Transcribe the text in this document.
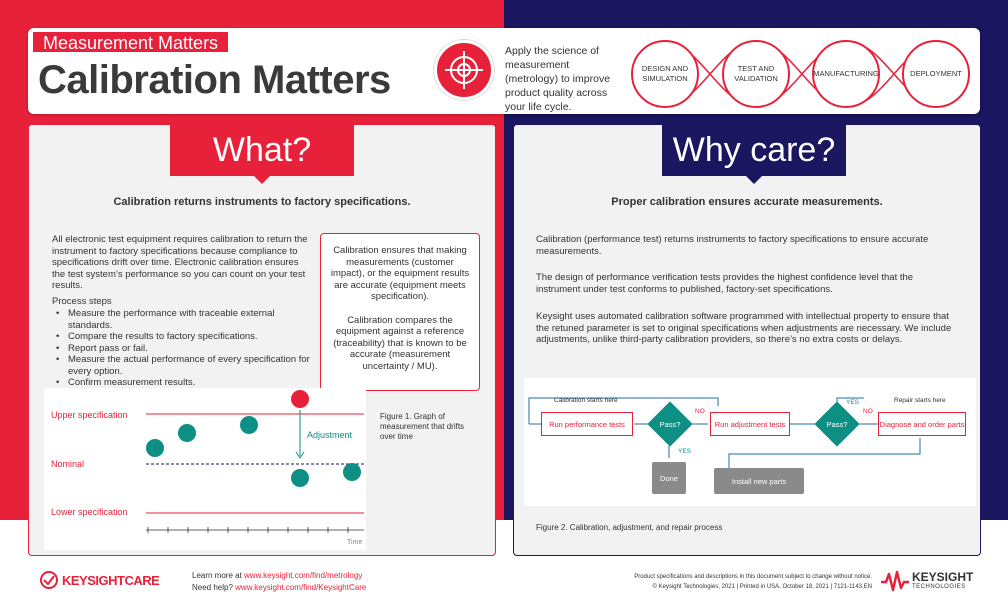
Measurement Matters
Calibration Matters
Apply the science of measurement (metrology) to improve product quality across your life cycle.
DESIGN AND SIMULATION
TEST AND VALIDATION
MANUFACTURING	DEPLOYMENT
What?
Calibration returns instruments to factory specifications.
All electronic test equipment requires calibration to return the instrument to factory specifications because compliance to specifications drift over time. Electronic calibration ensures the test system’s performance so you can count on your test results.
Process steps
• Measure the performance with traceable external standards.
• Compare the results to factory specifications.
• Report pass or fail.
• Measure the actual performance of every specification for every option.
• Confirm measurement results.

Calibration ensures that making measurements (customer impact), or the equipment results are accurate (equipment meets specification).

Calibration compares the equipment against a reference (traceability) that is known to be accurate (measurement uncertainty / MU).

Upper specification
Nominal
Lower specification
Adjustment
Time
Figure 1. Graph of measurement that drifts over time
Why care?
Proper calibration ensures accurate measurements.
Calibration (performance test) returns instruments to factory specifications to ensure accurate measurements.
The design of performance verification tests provides the highest confidence level that the instrument under test conforms to published, factory-set specifications.
Keysight uses automated calibration software programmed with intellectual property to ensure that the retuned parameter is set to original specifications when adjustments are necessary. We include adjustments, unlike third-party calibration providers, so there’s no extra costs or delays.
Calibration starts here	Repair starts here
Run performance tests	Pass?
NO
YES
Run adjustment tests	Pass?
YES
NO
Diagnose and order parts
Done	Install new parts
Figure 2. Calibration, adjustment, and repair process
KEYSIGHTCARE	Learn more at www.keysight.com/find/metrology
Need help? www.keysight.com/find/KeysightCare
Product specifications and descriptions in this document subject to change without notice.
© Keysight Technologies, 2021 | Printed in USA, October 18, 2021 | 7121-1143.EN
KEYSIGHT
TECHNOLOGIES
